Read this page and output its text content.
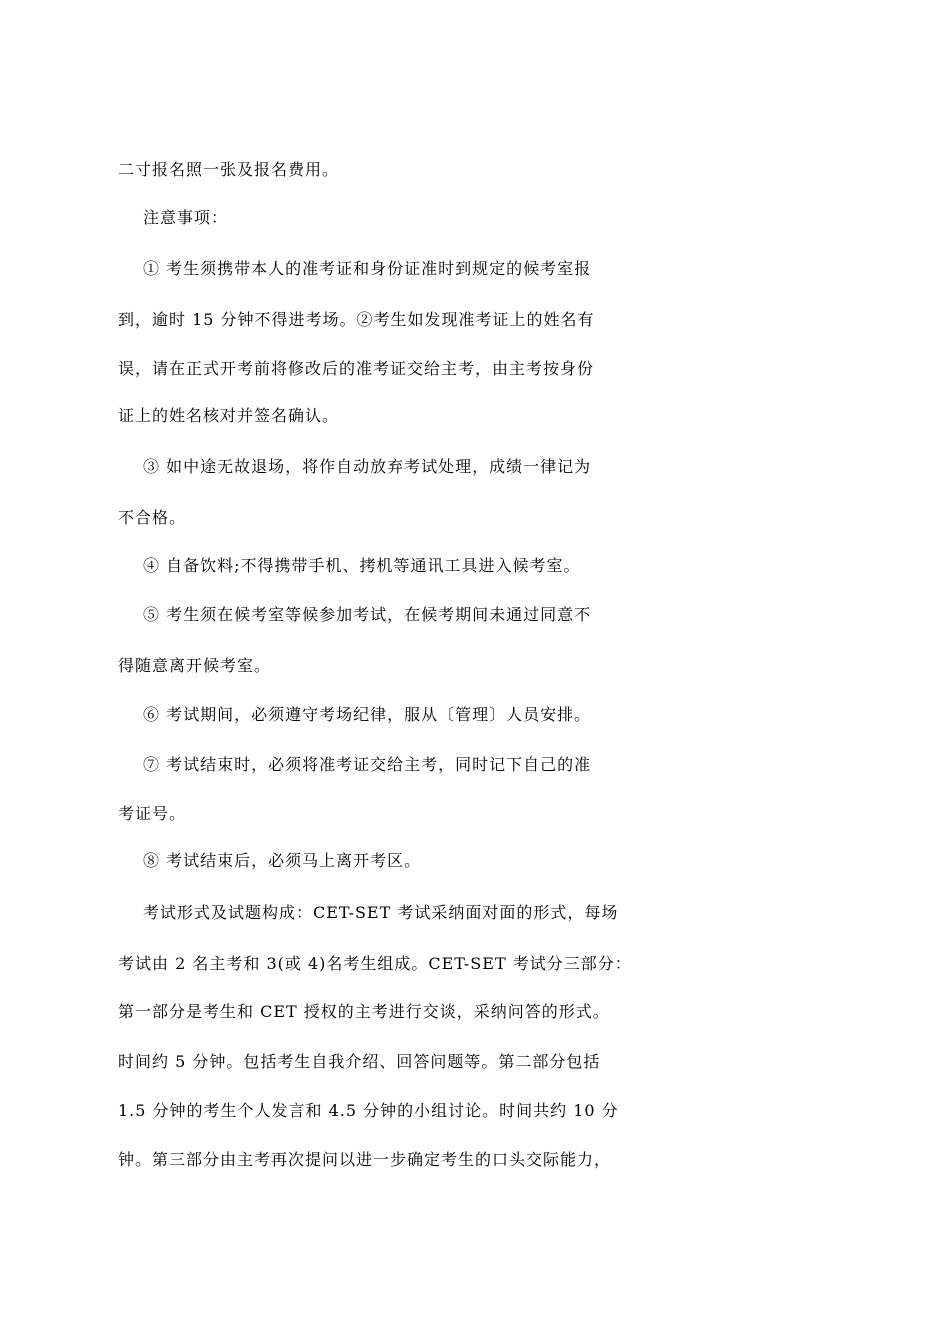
二寸报名照一张及报名费用。
注意事项：
① 考生须携带本人的准考证和身份证准时到规定的候考室报
到，逾时 15 分钟不得进考场。②考生如发现准考证上的姓名有
误，请在正式开考前将修改后的准考证交给主考，由主考按身份
证上的姓名核对并签名确认。
③ 如中途无故退场，将作自动放弃考试处理，成绩一律记为
不合格。
④ 自备饮料;不得携带手机、拷机等通讯工具进入候考室。
⑤ 考生须在候考室等候参加考试，在候考期间未通过同意不
得随意离开候考室。
⑥ 考试期间，必须遵守考场纪律，服从〔管理〕人员安排。
⑦ 考试结束时，必须将准考证交给主考，同时记下自己的准
考证号。
⑧ 考试结束后，必须马上离开考区。
考试形式及试题构成：CET-SET 考试采纳面对面的形式，每场
考试由 2 名主考和 3(或 4)名考生组成。CET-SET 考试分三部分：
第一部分是考生和 CET 授权的主考进行交谈，采纳问答的形式。
时间约 5 分钟。包括考生自我介绍、回答问题等。第二部分包括
1.5 分钟的考生个人发言和 4.5 分钟的小组讨论。时间共约 10 分
钟。第三部分由主考再次提问以进一步确定考生的口头交际能力，
